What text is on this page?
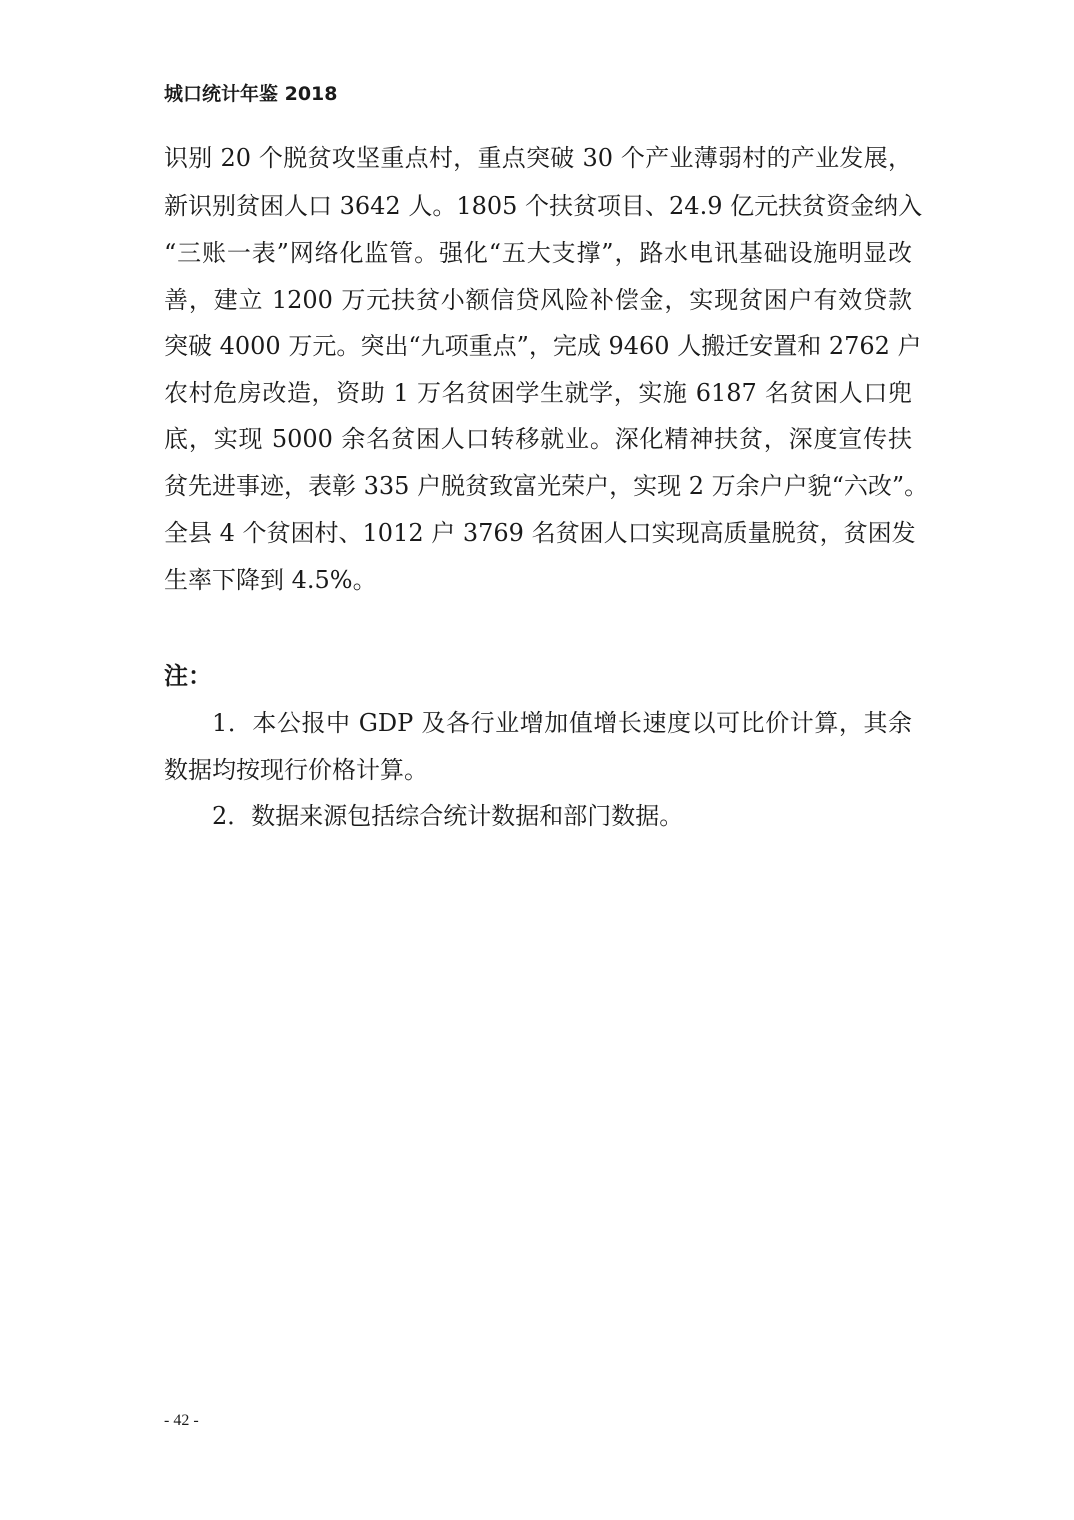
城口统计年鉴 2018
识别 20 个脱贫攻坚重点村，重点突破 30 个产业薄弱村的产业发展，
新识别贫困人口 3642 人。1805 个扶贫项目、24.9 亿元扶贫资金纳入
“三账一表”网络化监管。强化“五大支撑”，路水电讯基础设施明显改
善，建立 1200 万元扶贫小额信贷风险补偿金，实现贫困户有效贷款
突破 4000 万元。突出“九项重点”，完成 9460 人搬迁安置和 2762 户
农村危房改造，资助 1 万名贫困学生就学，实施 6187 名贫困人口兜
底，实现 5000 余名贫困人口转移就业。深化精神扶贫，深度宣传扶
贫先进事迹，表彰 335 户脱贫致富光荣户，实现 2 万余户户貌“六改”。
全县 4 个贫困村、1012 户 3769 名贫困人口实现高质量脱贫，贫困发
生率下降到 4.5%。
注：
1．本公报中 GDP 及各行业增加值增长速度以可比价计算，其余
数据均按现行价格计算。
2．数据来源包括综合统计数据和部门数据。
- 42 -
